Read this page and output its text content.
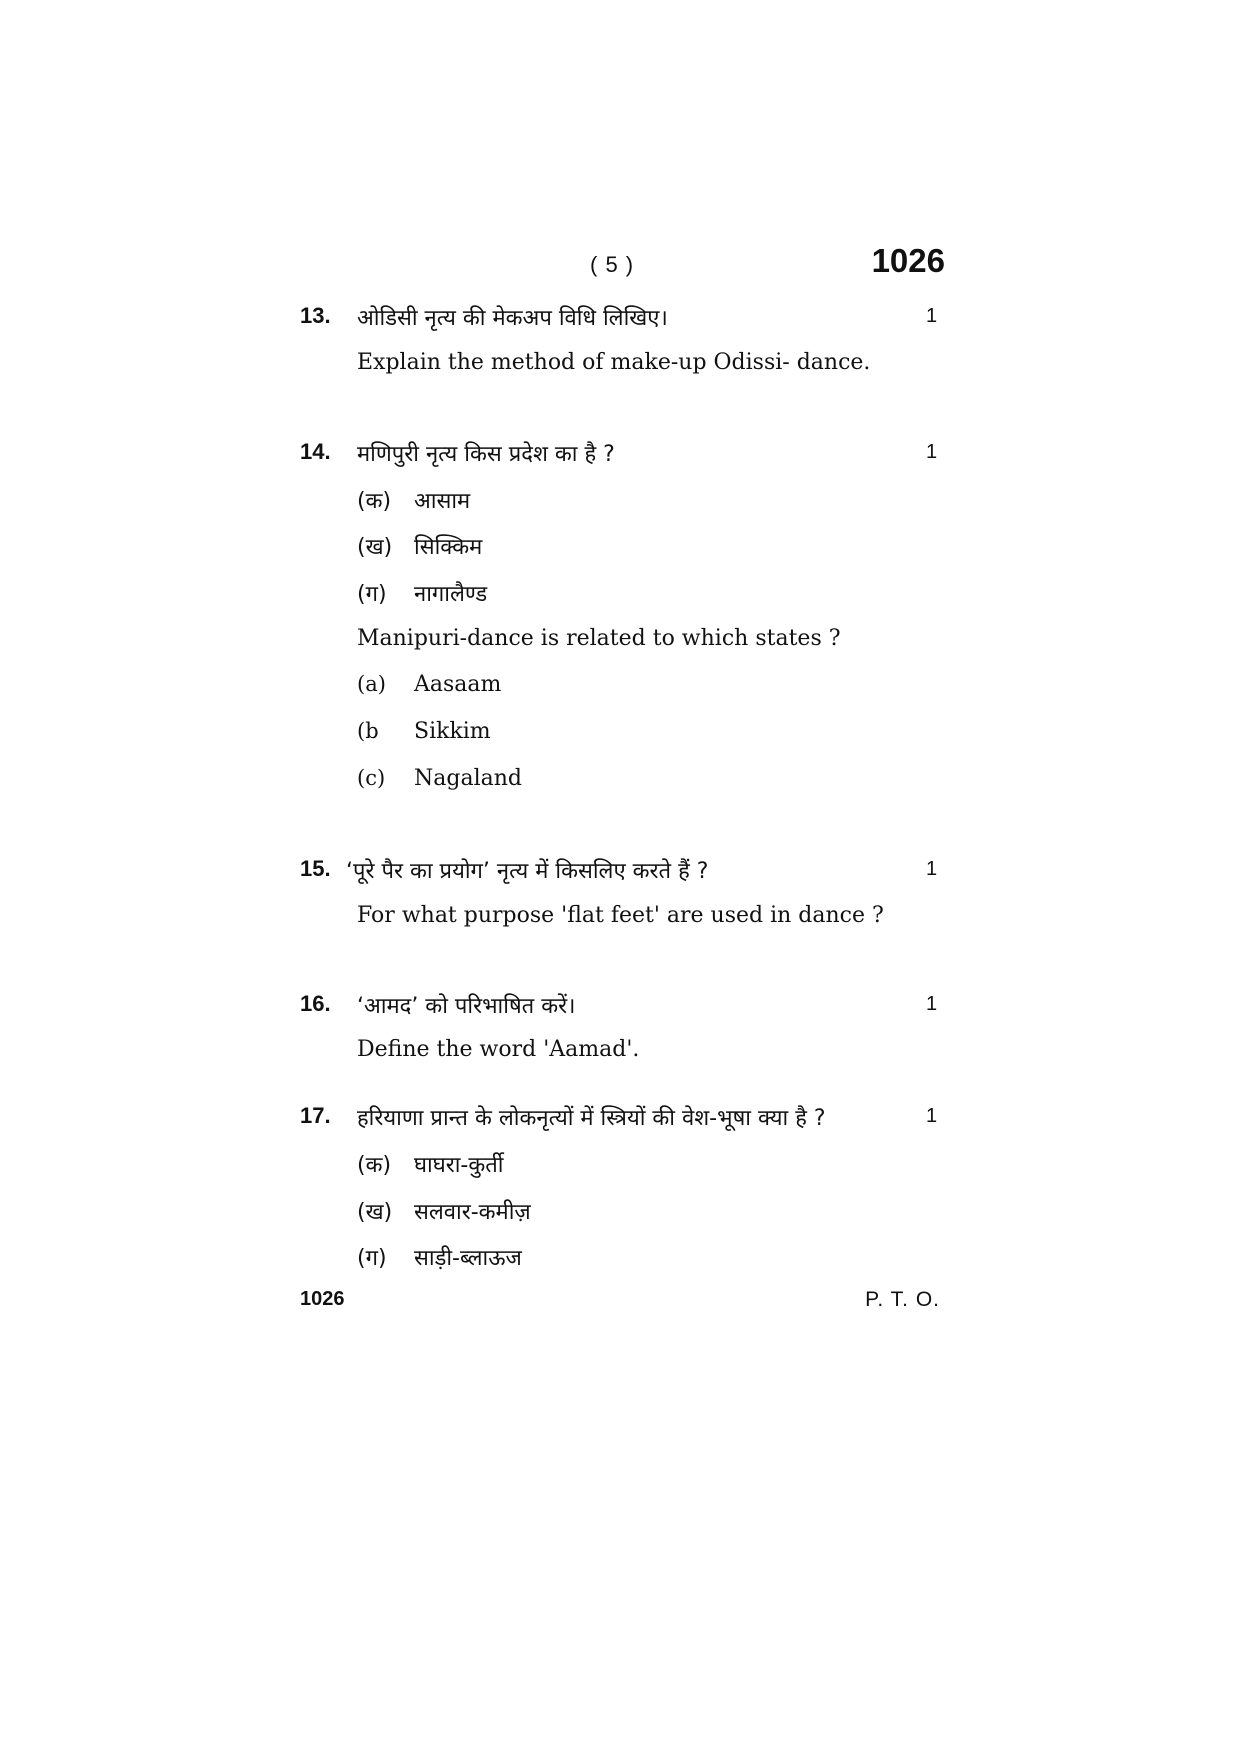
( 5 )	1026
13. ओडिसी नृत्य की मेकअप विधि लिखिए।	1
Explain the method of make-up Odissi- dance.
14. मणिपुरी नृत्य किस प्रदेश का है ?	1
(क) आसाम
(ख) सिक्किम
(ग) नागालैण्ड
Manipuri-dance is related to which states ?
(a) Aasaam
(b Sikkim
(c) Nagaland
15. ‘पूरे पैर का प्रयोग’ नृत्य में किसलिए करते हैं ?	1
For what purpose 'flat feet' are used in dance ?
16. ‘आमद’ को परिभाषित करें।	1
Define the word 'Aamad'.
17. हरियाणा प्रान्त के लोकनृत्यों में स्त्रियों की वेश-भूषा क्या है ?	1
(क) घाघरा-कुर्ती
(ख) सलवार-कमीज़
(ग) साड़ी-ब्लाऊज
1026	P. T. O.
